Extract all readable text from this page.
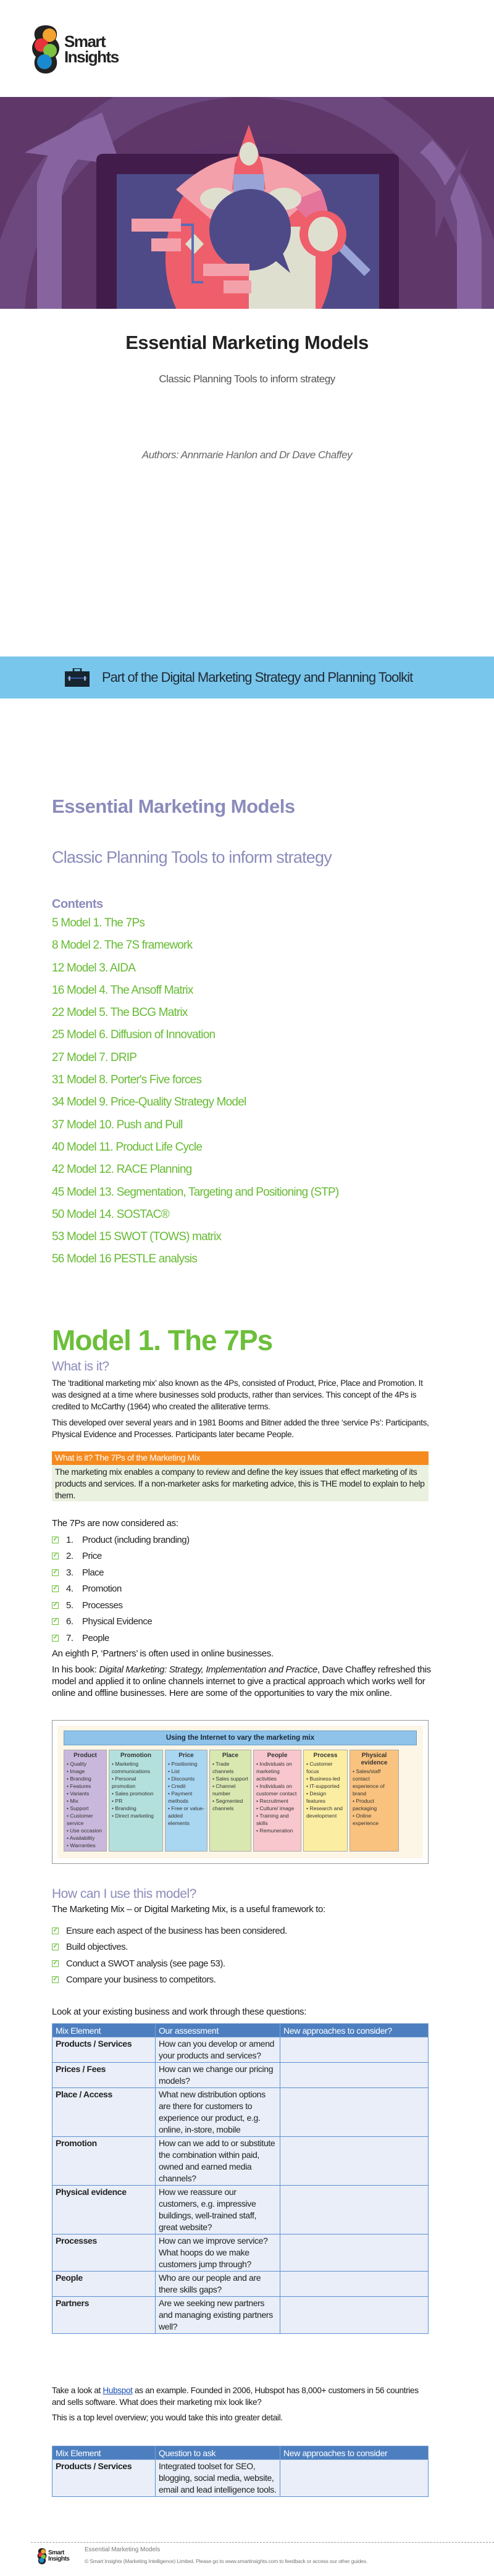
Smart Insights
Essential Marketing Models
Classic Planning Tools to inform strategy
Authors: Annmarie Hanlon and Dr Dave Chaffey
Part of the Digital Marketing Strategy and Planning Toolkit
Essential Marketing Models
Classic Planning Tools to inform strategy
Contents
5 Model 1. The 7Ps
8 Model 2. The 7S framework
12 Model 3. AIDA
16 Model 4. The Ansoff Matrix
22 Model 5. The BCG Matrix
25 Model 6. Diffusion of Innovation
27 Model 7. DRIP
31 Model 8. Porter's Five forces
34 Model 9. Price-Quality Strategy Model
37 Model 10. Push and Pull
40 Model 11. Product Life Cycle
42 Model 12. RACE Planning
45 Model 13. Segmentation, Targeting and Positioning (STP)
50 Model 14. SOSTAC®
53 Model 15 SWOT (TOWS) matrix
56 Model 16 PESTLE analysis
Model 1. The 7Ps
What is it?
The ‘traditional marketing mix’ also known as the 4Ps, consisted of Product, Price, Place and Promotion. It was designed at a time where businesses sold products, rather than services. This concept of the 4Ps is credited to McCarthy (1964) who created the alliterative terms.
This developed over several years and in 1981 Booms and Bitner added the three ‘service Ps’: Participants, Physical Evidence and Processes. Participants later became People.
What is it? The 7Ps of the Marketing Mix
The marketing mix enables a company to review and define the key issues that effect marketing of its products and services. If a non-marketer asks for marketing advice, this is THE model to explain to help them.
The 7Ps are now considered as:
✓ 1. Product (including branding)
✓ 2. Price
✓ 3. Place
✓ 4. Promotion
✓ 5. Processes
✓ 6. Physical Evidence
✓ 7. People
An eighth P, ‘Partners’ is often used in online businesses.
In his book: Digital Marketing: Strategy, Implementation and Practice, Dave Chaffey refreshed this model and applied it to online channels internet to give a practical approach which works well for online and offline businesses. Here are some of the opportunities to vary the mix online.
Using the Internet to vary the marketing mix
Product
• Quality
• Image
• Branding
• Features
• Variants
• Mix
• Support
• Customer service
• Use occasion
• Availability
• Warranties
Promotion
• Marketing communications
• Personal promotion
• Sales promotion
• PR
• Branding
• Direct marketing
Price
• Positioning
• List
• Discounts
• Credit
• Payment methods
• Free or value-added elements
Place
• Trade channels
• Sales support
• Channel number
• Segmented channels
People
• Individuals on marketing activities
• Individuals on customer contact
• Recruitment
• Culture/ image
• Training and skills
• Remuneration
Process
• Customer focus
• Business-led
• IT-supported
• Design features
• Research and development
Physical evidence
• Sales/staff contact experience of brand
• Product packaging
• Online experience
How can I use this model?
The Marketing Mix – or Digital Marketing Mix, is a useful framework to:
✓ Ensure each aspect of the business has been considered.
✓ Build objectives.
✓ Conduct a SWOT analysis (see page 53).
✓ Compare your business to competitors.
Look at your existing business and work through these questions:
Mix Element	Our assessment	New approaches to consider?
Products / Services	How can you develop or amend your products and services?	
Prices / Fees	How can we change our pricing models?	
Place / Access	What new distribution options are there for customers to experience our product, e.g. online, in-store, mobile	
Promotion	How can we add to or substitute the combination within paid, owned and earned media channels?	
Physical evidence	How we reassure our customers, e.g. impressive buildings, well-trained staff, great website?	
Processes	How can we improve service? What hoops do we make customers jump through?	
People	Who are our people and are there skills gaps?	
Partners	Are we seeking new partners and managing existing partners well?	
Take a look at Hubspot as an example. Founded in 2006, Hubspot has 8,000+ customers in 56 countries and sells software. What does their marketing mix look like?
This is a top level overview; you would take this into greater detail.
Mix Element	Question to ask	New approaches to consider
Products / Services	Integrated toolset for SEO, blogging, social media, website, email and lead intelligence tools.	
Smart Insights
Essential Marketing Models
© Smart Insights (Marketing Intelligence) Limited. Please go to www.smartinsights.com to feedback or access our other guides.
